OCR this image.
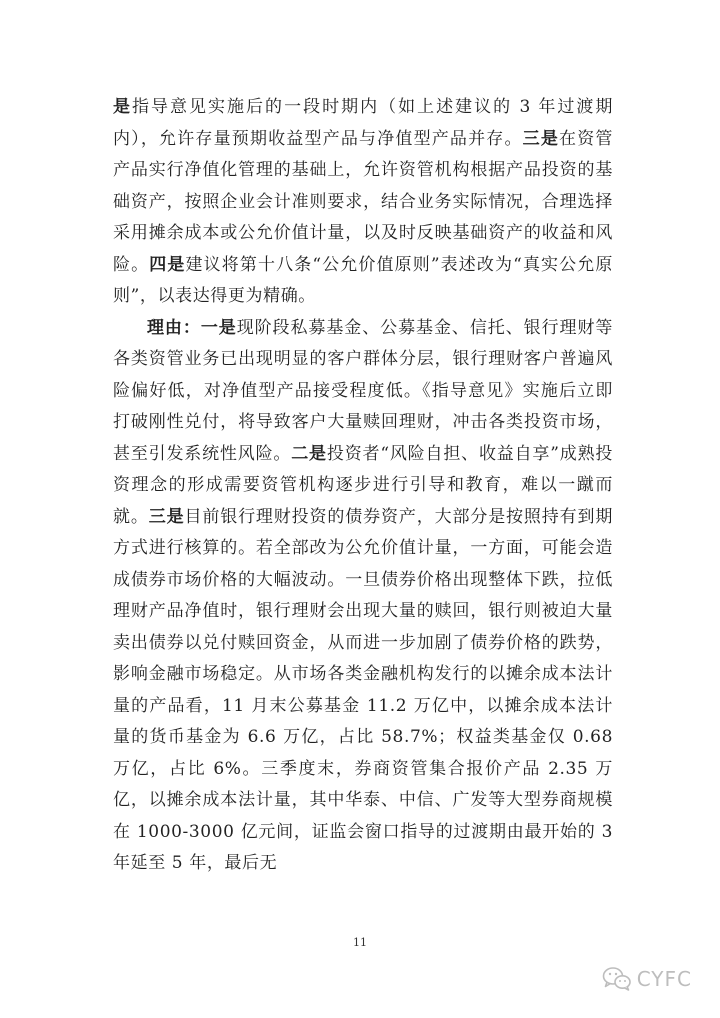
是指导意见实施后的一段时期内（如上述建议的 3 年过渡期内），允许存量预期收益型产品与净值型产品并存。三是在资管产品实行净值化管理的基础上，允许资管机构根据产品投资的基础资产，按照企业会计准则要求，结合业务实际情况，合理选择采用摊余成本或公允价值计量，以及时反映基础资产的收益和风险。四是建议将第十八条“公允价值原则”表述改为“真实公允原则”，以表达得更为精确。

理由：一是现阶段私募基金、公募基金、信托、银行理财等各类资管业务已出现明显的客户群体分层，银行理财客户普遍风险偏好低，对净值型产品接受程度低。《指导意见》实施后立即打破刚性兑付，将导致客户大量赎回理财，冲击各类投资市场，甚至引发系统性风险。二是投资者“风险自担、收益自享”成熟投资理念的形成需要资管机构逐步进行引导和教育，难以一蹴而就。三是目前银行理财投资的债券资产，大部分是按照持有到期方式进行核算的。若全部改为公允价值计量，一方面，可能会造成债券市场价格的大幅波动。一旦债券价格出现整体下跌，拉低理财产品净值时，银行理财会出现大量的赎回，银行则被迫大量卖出债券以兑付赎回资金，从而进一步加剧了债券价格的跌势，影响金融市场稳定。从市场各类金融机构发行的以摊余成本法计量的产品看，11 月末公募基金 11.2 万亿中，以摊余成本法计量的货币基金为 6.6 万亿，占比 58.7%；权益类基金仅 0.68 万亿，占比 6%。三季度末，券商资管集合报价产品 2.35 万亿，以摊余成本法计量，其中华泰、中信、广发等大型券商规模在 1000-3000 亿元间，证监会窗口指导的过渡期由最开始的 3 年延至 5 年，最后无

11
CYFC
